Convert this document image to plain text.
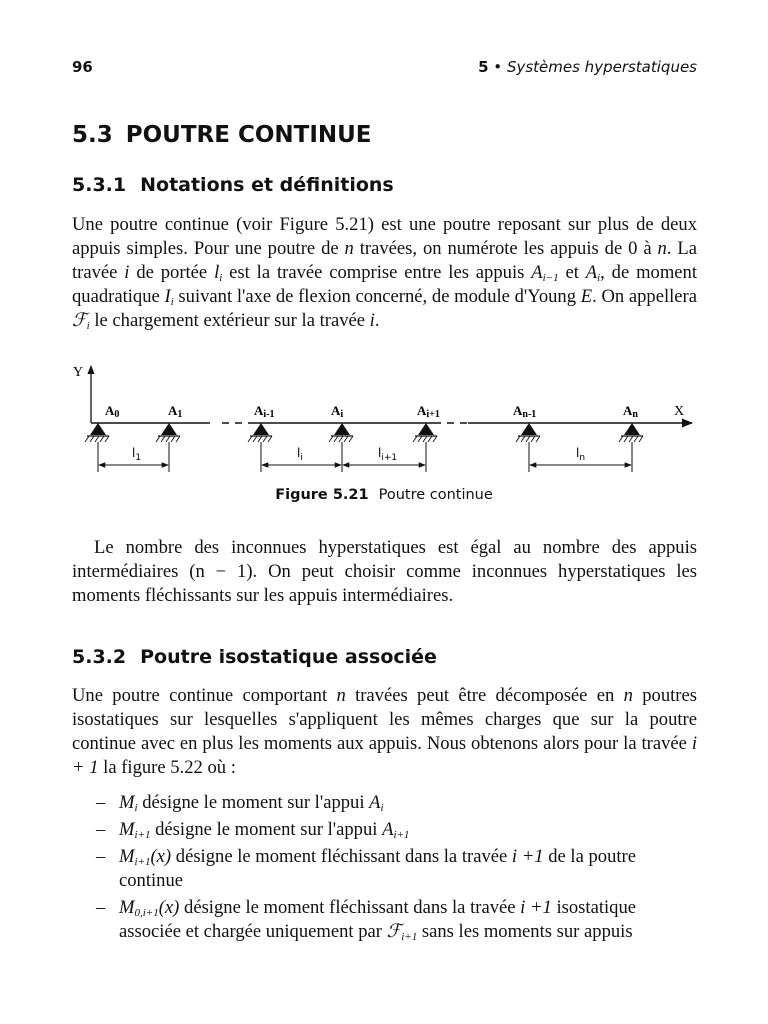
96	5 • Systèmes hyperstatiques
5.3 POUTRE CONTINUE
5.3.1 Notations et définitions
Une poutre continue (voir Figure 5.21) est une poutre reposant sur plus de deux appuis simples. Pour une poutre de n travées, on numérote les appuis de 0 à n. La travée i de portée $l_i$ est la travée comprise entre les appuis $A_{i-1}$ et $A_i$, de moment quadratique $I_i$ suivant l'axe de flexion concerné, de module d'Young E. On appellera ℱ$_i$ le chargement extérieur sur la travée i.
Y
X
A0	A1	Ai-1	Ai	Ai+1	An-1	An
$l_1$	$l_i$	$l_{i+1}$	$l_n$
Figure 5.21 Poutre continue
Le nombre des inconnues hyperstatiques est égal au nombre des appuis intermédiaires (n − 1). On peut choisir comme inconnues hyperstatiques les moments fléchissants sur les appuis intermédiaires.
5.3.2 Poutre isostatique associée
Une poutre continue comportant n travées peut être décomposée en n poutres isostatiques sur lesquelles s'appliquent les mêmes charges que sur la poutre continue avec en plus les moments aux appuis. Nous obtenons alors pour la travée i + 1 la figure 5.22 où :
– $M_i$ désigne le moment sur l'appui $A_i$
– $M_{i+1}$ désigne le moment sur l'appui $A_{i+1}$
– $M_{i+1}(x)$ désigne le moment fléchissant dans la travée i +1 de la poutre continue
– $M_{0,i+1}(x)$ désigne le moment fléchissant dans la travée i +1 isostatique associée et chargée uniquement par ℱ$_{i+1}$ sans les moments sur appuis
